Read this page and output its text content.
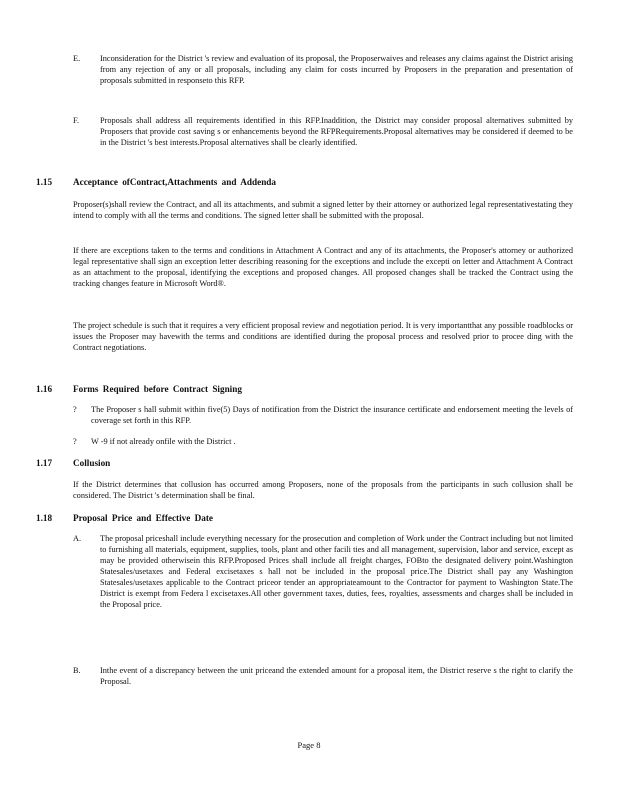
E. Inconsideration for the District 's review and evaluation of its proposal, the Proposerwaives and releases any claims against the District arising from any rejection of any or all proposals, including any claim for costs incurred by Proposers in the preparation and presentation of proposals submitted in responseto this RFP.
F.	Proposals shall address all requirements identified in this RFP.Inaddition, the District may consider proposal alternatives submitted by Proposers that provide cost saving s or enhancements beyond the RFPRequirements.Proposal alternatives may be considered if deemed to be in the District 's best interests.Proposal alternatives shall be clearly identified.
1.15 Acceptance ofContract,Attachments and Addenda
Proposer(s)shall review the Contract, and all its attachments, and submit a signed letter by their attorney or authorized legal representativestating they intend to comply with all the terms and conditions. The signed letter shall be submitted with the proposal.
If there are exceptions taken to the terms and conditions in Attachment A Contract and any of its attachments, the Proposer's attorney or authorized legal representative shall sign an exception letter describing reasoning for the exceptions and include the excepti on letter and Attachment A Contract as an attachment to the proposal, identifying the exceptions and proposed changes. All proposed changes shall be tracked the Contract using the tracking changes feature in Microsoft Word®.
The project schedule is such that it requires a very efficient proposal review and negotiation period. It is very importantthat any possible roadblocks or issues the Proposer may havewith the terms and conditions are identified during the proposal process and resolved prior to procee ding with the Contract negotiations.
1.16 Forms Required before Contract Signing
? The Proposer s hall submit within five(5) Days of notification from the District the insurance certificate and endorsement meeting the levels of coverage set forth in this RFP.
? W -9 if not already onfile with the District .
1.17 Collusion
If the District determines that collusion has occurred among Proposers, none of the proposals from the participants in such collusion shall be considered. The District 's determination shall be final.
1.18 Proposal Price and Effective Date
A. The proposal priceshall include everything necessary for the prosecution and completion of Work under the Contract including but not limited to furnishing all materials, equipment, supplies, tools, plant and other facili ties and all management, supervision, labor and service, except as may be provided otherwisein this RFP.Proposed Prices shall include all freight charges, FOBto the designated delivery point.Washington Statesales/usetaxes and Federal excisetaxes s hall not be included in the proposal price.The District shall pay any Washington Statesales/usetaxes applicable to the Contract priceor tender an appropriateamount to the Contractor for payment to Washington State.The District is exempt from Federa l excisetaxes.All other government taxes, duties, fees, royalties, assessments and charges shall be included in the Proposal price.
B. Inthe event of a discrepancy between the unit priceand the extended amount for a proposal item, the District reserve s the right to clarify the Proposal.
Page 8
